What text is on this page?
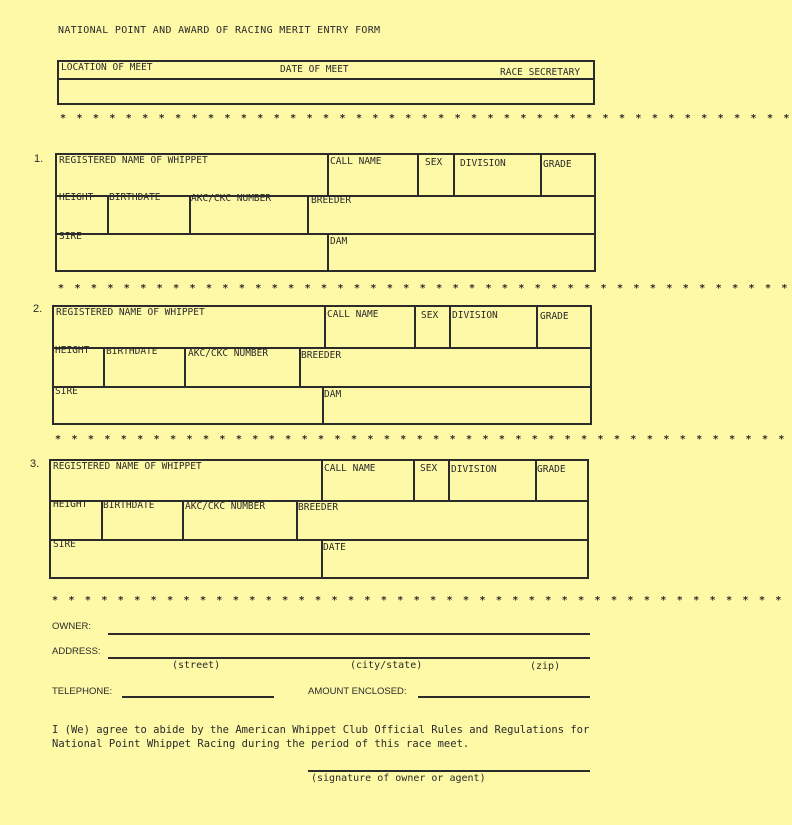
NATIONAL POINT AND AWARD OF RACING MERIT ENTRY FORM
LOCATION OF MEET	DATE OF MEET	RACE SECRETARY
* * * * * * * * * * * * * * * * * * * * * * * * * * * * * * * * * * * * * * * * * * * * *
1. REGISTERED NAME OF WHIPPET	CALL NAME	SEX DIVISION	GRADE
HEIGHT BIRTHDATE	AKC/CKC NUMBER	BREEDER
SIRE	DAM
* * * * * * * * * * * * * * * * * * * * * * * * * * * * * * * * * * * * * * * * * * * * *
2. REGISTERED NAME OF WHIPPET	CALL NAME	SEX DIVISION	GRADE
HEIGHT BIRTHDATE	AKC/CKC NUMBER	BREEDER
SIRE	DAM
* * * * * * * * * * * * * * * * * * * * * * * * * * * * * * * * * * * * * * * * * * * * *
3. REGISTERED NAME OF WHIPPET	CALL NAME	SEX DIVISION	GRADE
HEIGHT BIRTHDATE	AKC/CKC NUMBER	BREEDER
SIRE	DATE
* * * * * * * * * * * * * * * * * * * * * * * * * * * * * * * * * * * * * * * * * * * * *
OWNER:
ADDRESS:
(street)	(city/state)	(zip)
TELEPHONE:	AMOUNT ENCLOSED:
I (We) agree to abide by the American Whippet Club Official Rules and Regulations for
National Point Whippet Racing during the period of this race meet.
(signature of owner or agent)
